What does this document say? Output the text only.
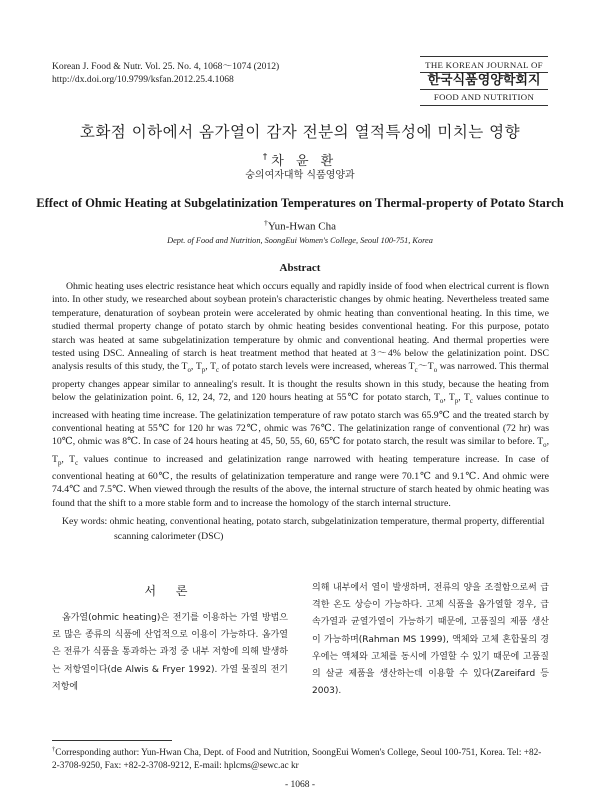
Korean J. Food & Nutr. Vol. 25. No. 4, 1068～1074 (2012)
http://dx.doi.org/10.9799/ksfan.2012.25.4.1068
THE KOREAN JOURNAL OF
한국식품영양학회지
FOOD AND NUTRITION
호화점 이하에서 옴가열이 감자 전분의 열적특성에 미치는 영향
†차 윤 환
숭의여자대학 식품영양과
Effect of Ohmic Heating at Subgelatinization Temperatures on Thermal-property of Potato Starch
†Yun-Hwan Cha
Dept. of Food and Nutrition, SoongEui Women's College, Seoul 100-751, Korea
Abstract

Ohmic heating uses electric resistance heat which occurs equally and rapidly inside of food when electrical current is flown into. In other study, we researched about soybean protein's characteristic changes by ohmic heating. Nevertheless treated same temperature, denaturation of soybean protein were accelerated by ohmic heating than conventional heating. In this time, we studied thermal property change of potato starch by ohmic heating besides conventional heating. For this purpose, potato starch was heated at same subgelatinization temperature by ohmic and conventional heating. And thermal properties were tested using DSC. Annealing of starch is heat treatment method that heated at 3～4% below the gelatinization point. DSC analysis results of this study, the $T_o$, $T_p$, $T_c$ of potato starch levels were increased, whereas $T_c\sim T_o$ was narrowed. This thermal property changes appear similar to annealing's result. It is thought the results shown in this study, because the heating from below the gelatinization point. 6, 12, 24, 72, and 120 hours heating at 55℃ for potato starch, $T_o$, $T_p$, $T_c$ values continue to increased with heating time increase. The gelatinization temperature of raw potato starch was 65.9℃ and the treated starch by conventional heating at 55℃ for 120 hr was 72℃, ohmic was 76℃. The gelatinization range of conventional (72 hr) was 10℃, ohmic was 8℃. In case of 24 hours heating at 45, 50, 55, 60, 65℃ for potato starch, the result was similar to before. $T_o$, $T_p$, $T_c$ values continue to increased and gelatinization range narrowed with heating temperature increase. In case of conventional heating at 60℃, the results of gelatinization temperature and range were 70.1℃ and 9.1℃. And ohmic were 74.4℃ and 7.5℃. When viewed through the results of the above, the internal structure of starch heated by ohmic heating was found that the shift to a more stable form and to increase the homology of the starch internal structure.

Key words: ohmic heating, conventional heating, potato starch, subgelatinization temperature, thermal property, differential
scanning calorimeter (DSC)
서 론

옴가열(ohmic heating)은 전기를 이용하는 가열 방법으로 많은 종류의 식품에 산업적으로 이용이 가능하다. 옴가열은 전류가 식품을 통과하는 과정 중 내부 저항에 의해 발생하는 저항열이다(de Alwis & Fryer 1992). 가열 물질의 전기 저항에

의해 내부에서 열이 발생하며, 전류의 양을 조절함으로써 급격한 온도 상승이 가능하다. 고체 식품을 옴가열할 경우, 급속가열과 균열가열이 가능하기 때문에, 고품질의 제품 생산이 가능하며(Rahman MS 1999), 액체와 고체 혼합물의 경우에는 액체와 고체를 동시에 가열할 수 있기 때문에 고품질의 살균 제품을 생산하는데 이용할 수 있다(Zareifard 등 2003).

†Corresponding author: Yun-Hwan Cha, Dept. of Food and Nutrition, SoongEui Women's College, Seoul 100-751, Korea. Tel: +82-2-3708-9250, Fax: +82-2-3708-9212, E-mail: hplcms@sewc.ac kr
- 1068 -
